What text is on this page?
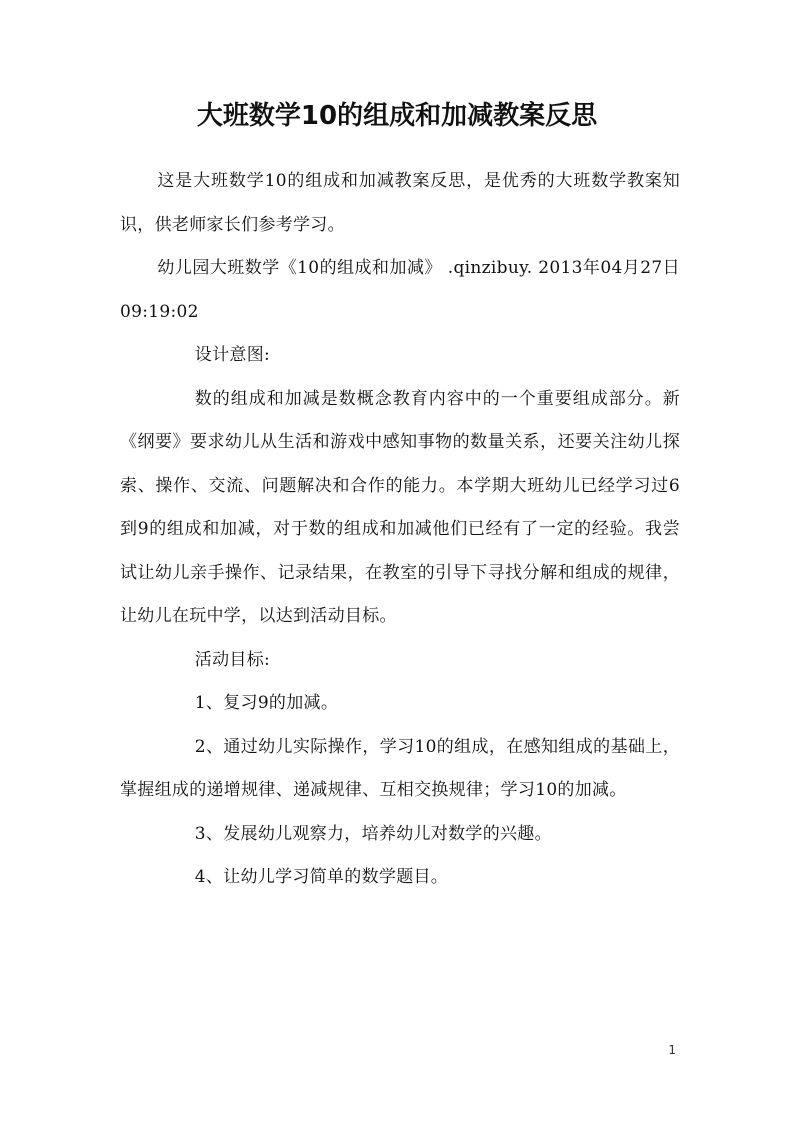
大班数学10的组成和加减教案反思

这是大班数学10的组成和加减教案反思，是优秀的大班数学教案知识，供老师家长们参考学习。

幼儿园大班数学《10的组成和加减》 .qinzibuy. 2013年04月27日 09:19:02

设计意图:

数的组成和加减是数概念教育内容中的一个重要组成部分。新《纲要》要求幼儿从生活和游戏中感知事物的数量关系，还要关注幼儿探索、操作、交流、问题解决和合作的能力。本学期大班幼儿已经学习过6到9的组成和加减，对于数的组成和加减他们已经有了一定的经验。我尝试让幼儿亲手操作、记录结果，在教室的引导下寻找分解和组成的规律，让幼儿在玩中学，以达到活动目标。

活动目标:

1、复习9的加减。

2、通过幼儿实际操作，学习10的组成，在感知组成的基础上，掌握组成的递增规律、递减规律、互相交换规律；学习10的加减。

3、发展幼儿观察力，培养幼儿对数学的兴趣。

4、让幼儿学习简单的数学题目。

1
